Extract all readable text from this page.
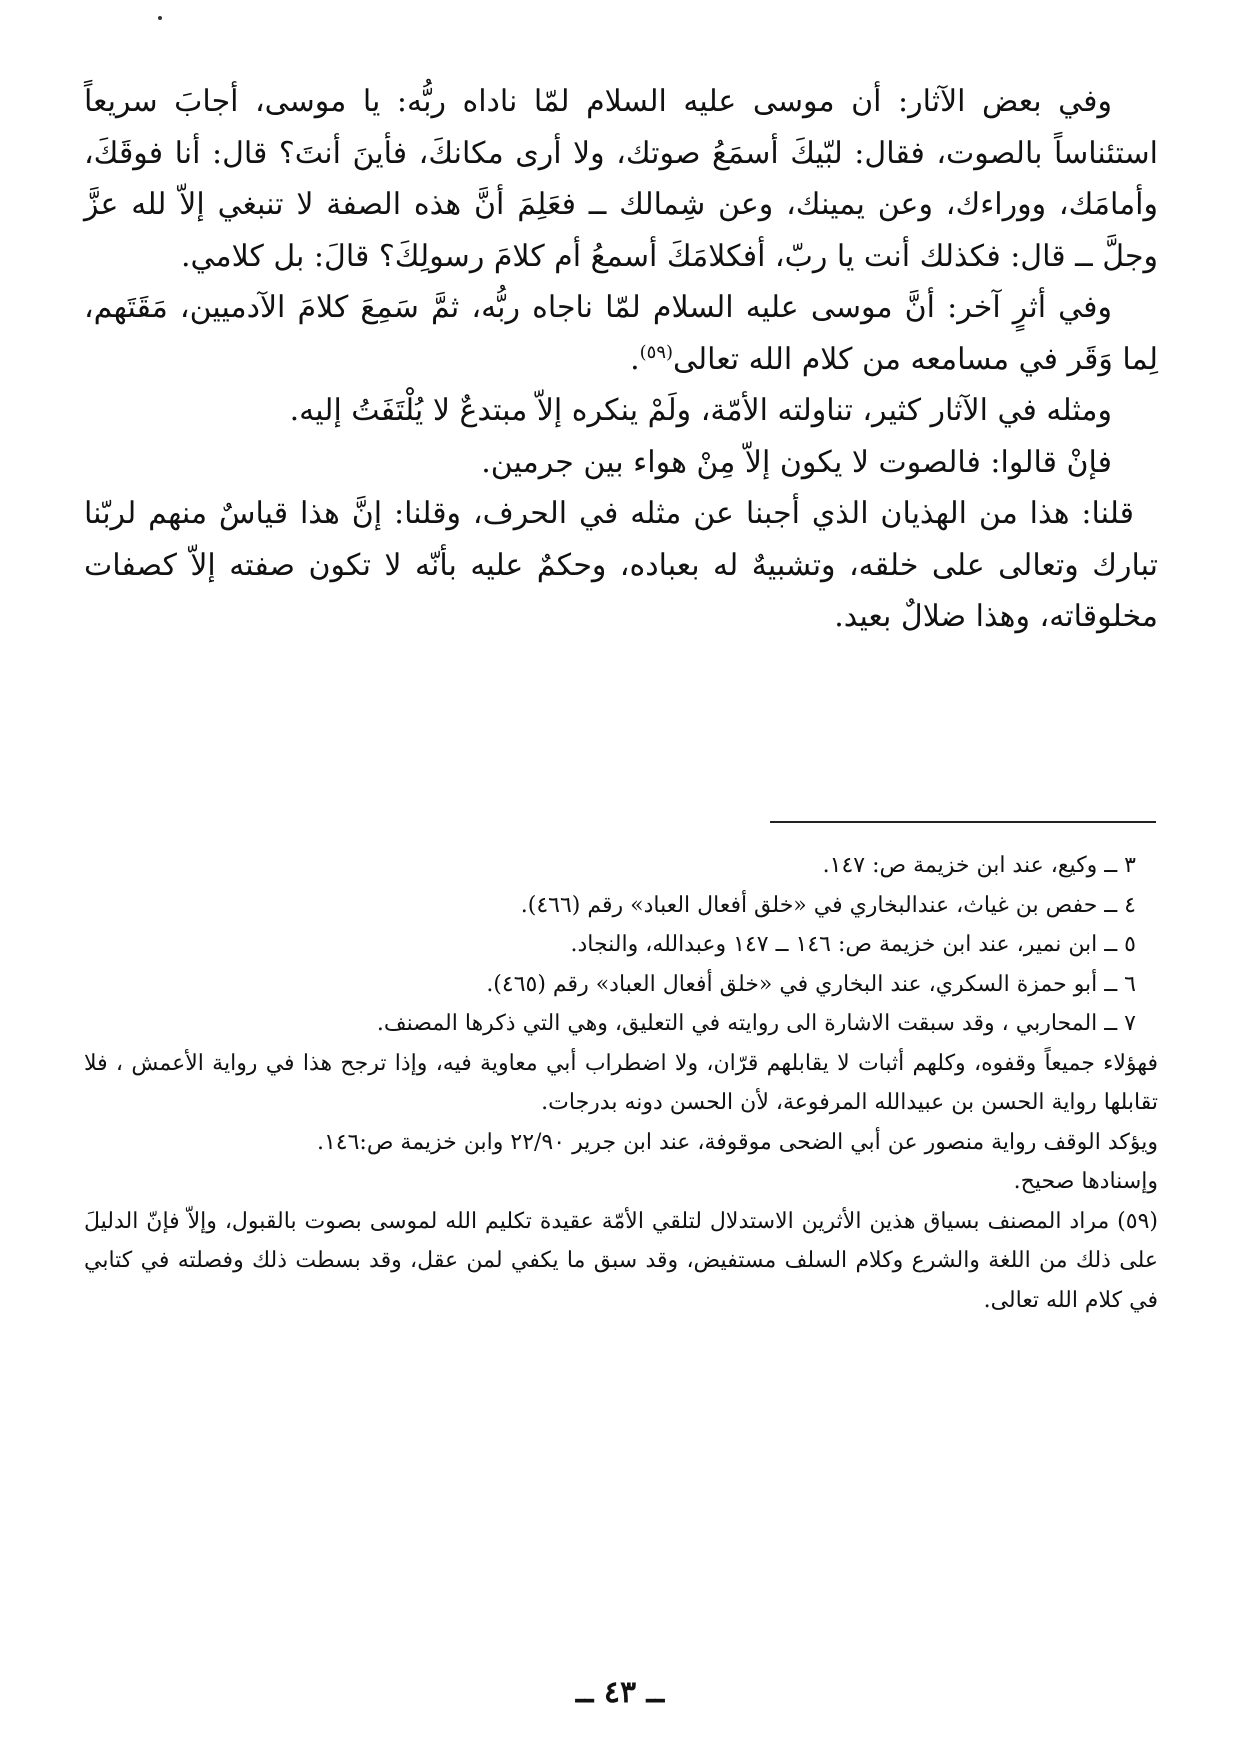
وفي بعض الآثار: أن موسى عليه السلام لمّا ناداه ربُّه: يا موسى، أجابَ سريعاً استئناساً بالصوت، فقال: لبّيكَ أسمَعُ صوتك، ولا أرى مكانكَ، فأينَ أنتَ؟ قال: أنا فوقَكَ، وأمامَك، ووراءك، وعن يمينك، وعن شِمالك ــ فعَلِمَ أنَّ هذه الصفة لا تنبغي إلاّ لله عزَّ وجلَّ ــ قال: فكذلك أنت يا ربّ، أفكلامَكَ أسمعُ أم كلامَ رسولِكَ؟ قالَ: بل كلامي.

وفي أثرٍ آخر: أنَّ موسى عليه السلام لمّا ناجاه ربُّه، ثمَّ سَمِعَ كلامَ الآدميين، مَقَتَهم، لِما وَقَر في مسامعه من كلام الله تعالى$^{(٥٩)}$.

ومثله في الآثار كثير، تناولته الأمّة، ولَمْ ينكره إلاّ مبتدعٌ لا يُلْتَفَتُ إليه.

فإنْ قالوا: فالصوت لا يكون إلاّ مِنْ هواء بين جرمين.

قلنا: هذا من الهذيان الذي أجبنا عن مثله في الحرف، وقلنا: إنَّ هذا قياسٌ منهم لربّنا تبارك وتعالى على خلقه، وتشبيهٌ له بعباده، وحكمٌ عليه بأنّه لا تكون صفته إلاّ كصفات مخلوقاته، وهذا ضلالٌ بعيد.

٣ ــ وكيع، عند ابن خزيمة ص: ١٤٧.

٤ ــ حفص بن غياث، عندالبخاري في «خلق أفعال العباد» رقم (٤٦٦).

٥ ــ ابن نمير، عند ابن خزيمة ص: ١٤٦ ــ ١٤٧ وعبدالله، والنجاد.

٦ ــ أبو حمزة السكري، عند البخاري في «خلق أفعال العباد» رقم (٤٦٥).

٧ ــ المحاربي ، وقد سبقت الاشارة الى روايته في التعليق، وهي التي ذكرها المصنف.

فهؤلاء جميعاً وقفوه، وكلهم أثبات لا يقابلهم قرّان، ولا اضطراب أبي معاوية فيه، وإذا ترجح هذا في رواية الأعمش ، فلا تقابلها رواية الحسن بن عبيدالله المرفوعة، لأن الحسن دونه بدرجات.

ويؤكد الوقف رواية منصور عن أبي الضحى موقوفة، عند ابن جرير ٢٢/٩٠ وابن خزيمة ص:١٤٦.

وإسنادها صحيح.

(٥٩) مراد المصنف بسياق هذين الأثرين الاستدلال لتلقي الأمّة عقيدة تكليم الله لموسى بصوت بالقبول، وإلاّ فإنّ الدليلَ على ذلك من اللغة والشرع وكلام السلف مستفيض، وقد سبق ما يكفي لمن عقل، وقد بسطت ذلك وفصلته في كتابي في كلام الله تعالى.

ــ ٤٣ ــ
